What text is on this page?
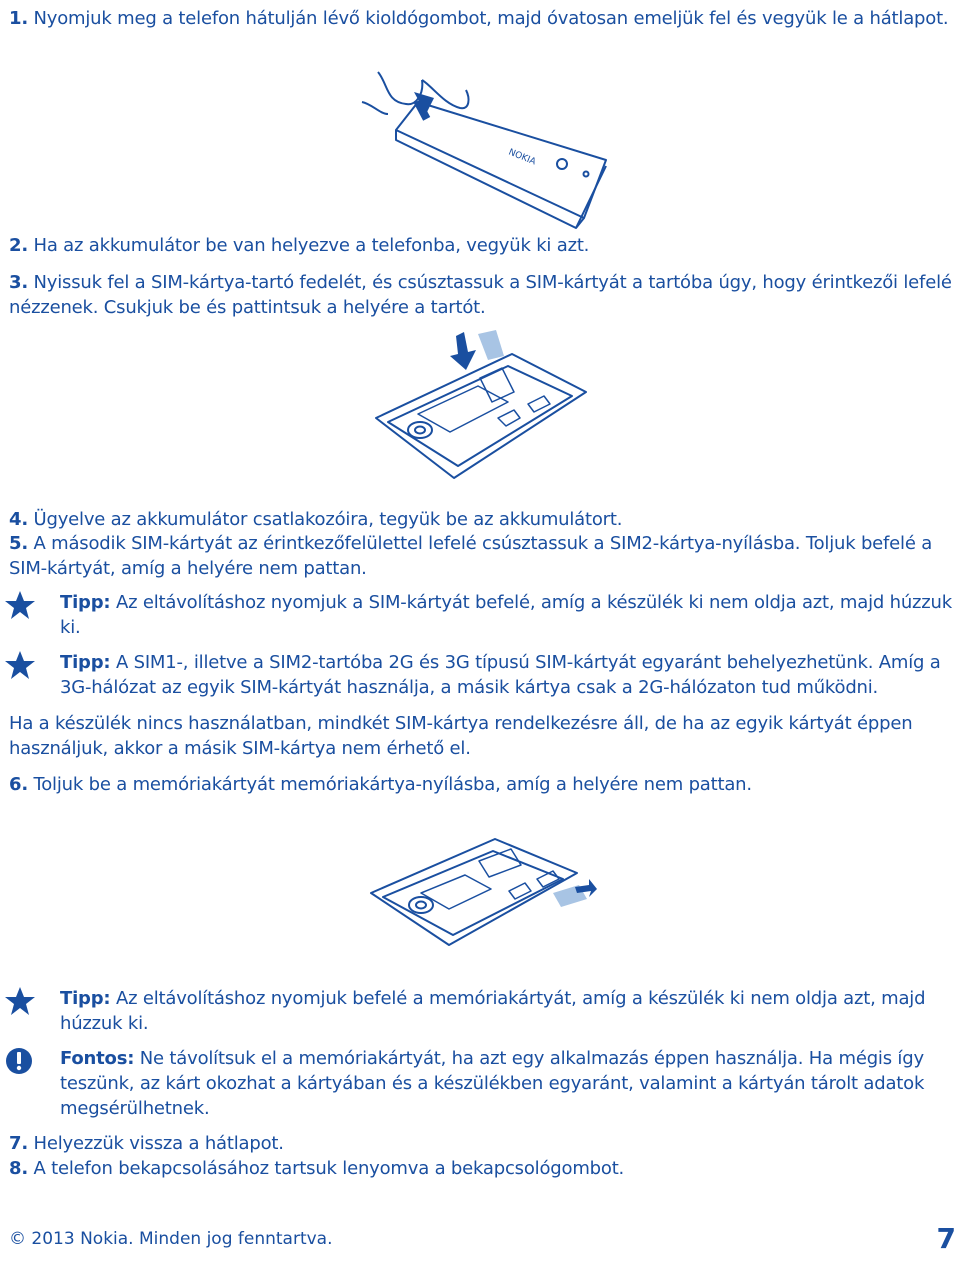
1. Nyomjuk meg a telefon hátulján lévő kioldógombot, majd óvatosan emeljük fel és vegyük le a hátlapot.
NOKIA
2. Ha az akkumulátor be van helyezve a telefonba, vegyük ki azt.
3. Nyissuk fel a SIM-kártya-tartó fedelét, és csúsztassuk a SIM-kártyát a tartóba úgy, hogy érintkezői lefelé nézzenek. Csukjuk be és pattintsuk a helyére a tartót.
4. Ügyelve az akkumulátor csatlakozóira, tegyük be az akkumulátort.
5. A második SIM-kártyát az érintkezőfelülettel lefelé csúsztassuk a SIM2-kártya-nyílásba. Toljuk befelé a SIM-kártyát, amíg a helyére nem pattan.
Tipp: Az eltávolításhoz nyomjuk a SIM-kártyát befelé, amíg a készülék ki nem oldja azt, majd húzzuk ki.
Tipp: A SIM1-, illetve a SIM2-tartóba 2G és 3G típusú SIM-kártyát egyaránt behelyezhetünk. Amíg a 3G-hálózat az egyik SIM-kártyát használja, a másik kártya csak a 2G-hálózaton tud működni.
Ha a készülék nincs használatban, mindkét SIM-kártya rendelkezésre áll, de ha az egyik kártyát éppen használjuk, akkor a másik SIM-kártya nem érhető el.
6. Toljuk be a memóriakártyát memóriakártya-nyílásba, amíg a helyére nem pattan.
Tipp: Az eltávolításhoz nyomjuk befelé a memóriakártyát, amíg a készülék ki nem oldja azt, majd húzzuk ki.
Fontos: Ne távolítsuk el a memóriakártyát, ha azt egy alkalmazás éppen használja. Ha mégis így teszünk, az kárt okozhat a kártyában és a készülékben egyaránt, valamint a kártyán tárolt adatok megsérülhetnek.
7. Helyezzük vissza a hátlapot.
8. A telefon bekapcsolásához tartsuk lenyomva a bekapcsológombot.
© 2013 Nokia. Minden jog fenntartva.	7
